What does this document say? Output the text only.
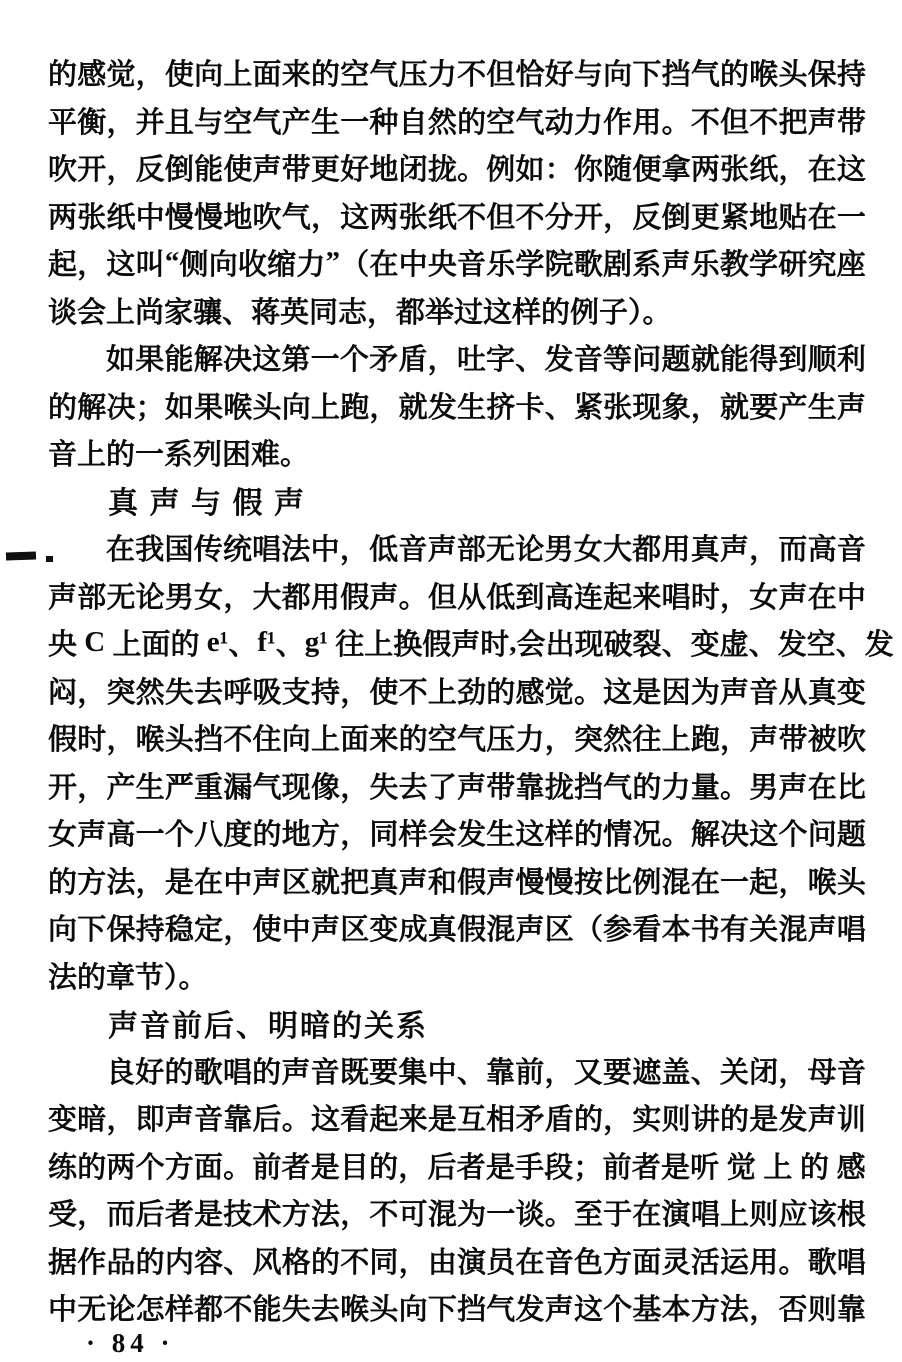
的 感 觉 ， 使 向 上 面 来 的 空 气 压 力 不 但 恰 好 与 向 下 挡 气 的 喉 头 保 持
平 衡 ， 并 且 与 空 气 产 生 一 种 自 然 的 空 气 动 力 作 用 。 不 但 不 把 声 带
吹 开 ， 反 倒 能 使 声 带 更 好 地 闭 拢 。 例 如 ： 你 随 便 拿 两 张 纸 ， 在 这
两 张 纸 中 慢 慢 地 吹 气 ， 这 两 张 纸 不 但 不 分 开 ， 反 倒 更 紧 地 贴 在 一
起 ， 这 叫 “ 侧 向 收 缩 力 ” （ 在 中 央 音 乐 学 院 歌 剧 系 声 乐 教 学 研 究 座
谈会上尚家骧、蒋英同志，都举过这样的例子）。
如 果 能 解 决 这 第 一 个 矛 盾 ， 吐 字 、 发 音 等 问 题 就 能 得 到 顺 利
的 解 决 ； 如 果 喉 头 向 上 跑 ， 就 发 生 挤 卡 、 紧 张 现 象 ， 就 要 产 生 声
音上的一系列困难。
真 声 与 假 声
在 我 国 传 统 唱 法 中 ， 低 音 声 部 无 论 男 女 大 都 用 真 声 ， 而 高 音
声 部 无 论 男 女 ， 大 都 用 假 声 。 但 从 低 到 高 连 起 来 唱 时 ， 女 声 在 中
央
C
上 面 的
e ¹ 、 f ¹ 、 g ¹
往 上 换 假 声 时 , 会 出 现 破 裂 、 变 虚 、 发 空 、 发
闷 ， 突 然 失 去 呼 吸 支 持 ， 使 不 上 劲 的 感 觉 。 这 是 因 为 声 音 从 真 变
假 时 ， 喉 头 挡 不 住 向 上 面 来 的 空 气 压 力 ， 突 然 往 上 跑 ， 声 带 被 吹
开 ， 产 生 严 重 漏 气 现 像 ， 失 去 了 声 带 靠 拢 挡 气 的 力 量 。 男 声 在 比
女 声 高 一 个 八 度 的 地 方 ， 同 样 会 发 生 这 样 的 情 况 。 解 决 这 个 问 题
的 方 法 ， 是 在 中 声 区 就 把 真 声 和 假 声 慢 慢 按 比 例 混 在 一 起 ， 喉 头
向 下 保 持 稳 定 ， 使 中 声 区 变 成 真 假 混 声 区 （ 参 看 本 书 有 关 混 声 唱
法的章节）。
声音前后、明暗的关系
良 好 的 歌 唱 的 声 音 既 要 集 中 、 靠 前 ， 又 要 遮 盖 、 关 闭 ， 母 音
变 暗 ， 即 声 音 靠 后 。 这 看 起 来 是 互 相 矛 盾 的 ， 实 则 讲 的 是 发 声 训
练 的 两 个 方 面 。 前 者 是 目 的 ， 后 者 是 手 段 ； 前 者 是 听
觉
上
的
感
受 ， 而 后 者 是 技 术 方 法 ， 不 可 混 为 一 谈 。 至 于 在 演 唱 上 则 应 该 根
据 作 品 的 内 容 、 风 格 的 不 同 ， 由 演 员 在 音 色 方 面 灵 活 运 用 。 歌 唱
中 无 论 怎 样 都 不 能 失 去 喉 头 向 下 挡 气 发 声 这 个 基 本 方 法 ， 否 则 靠
· 84 ·
